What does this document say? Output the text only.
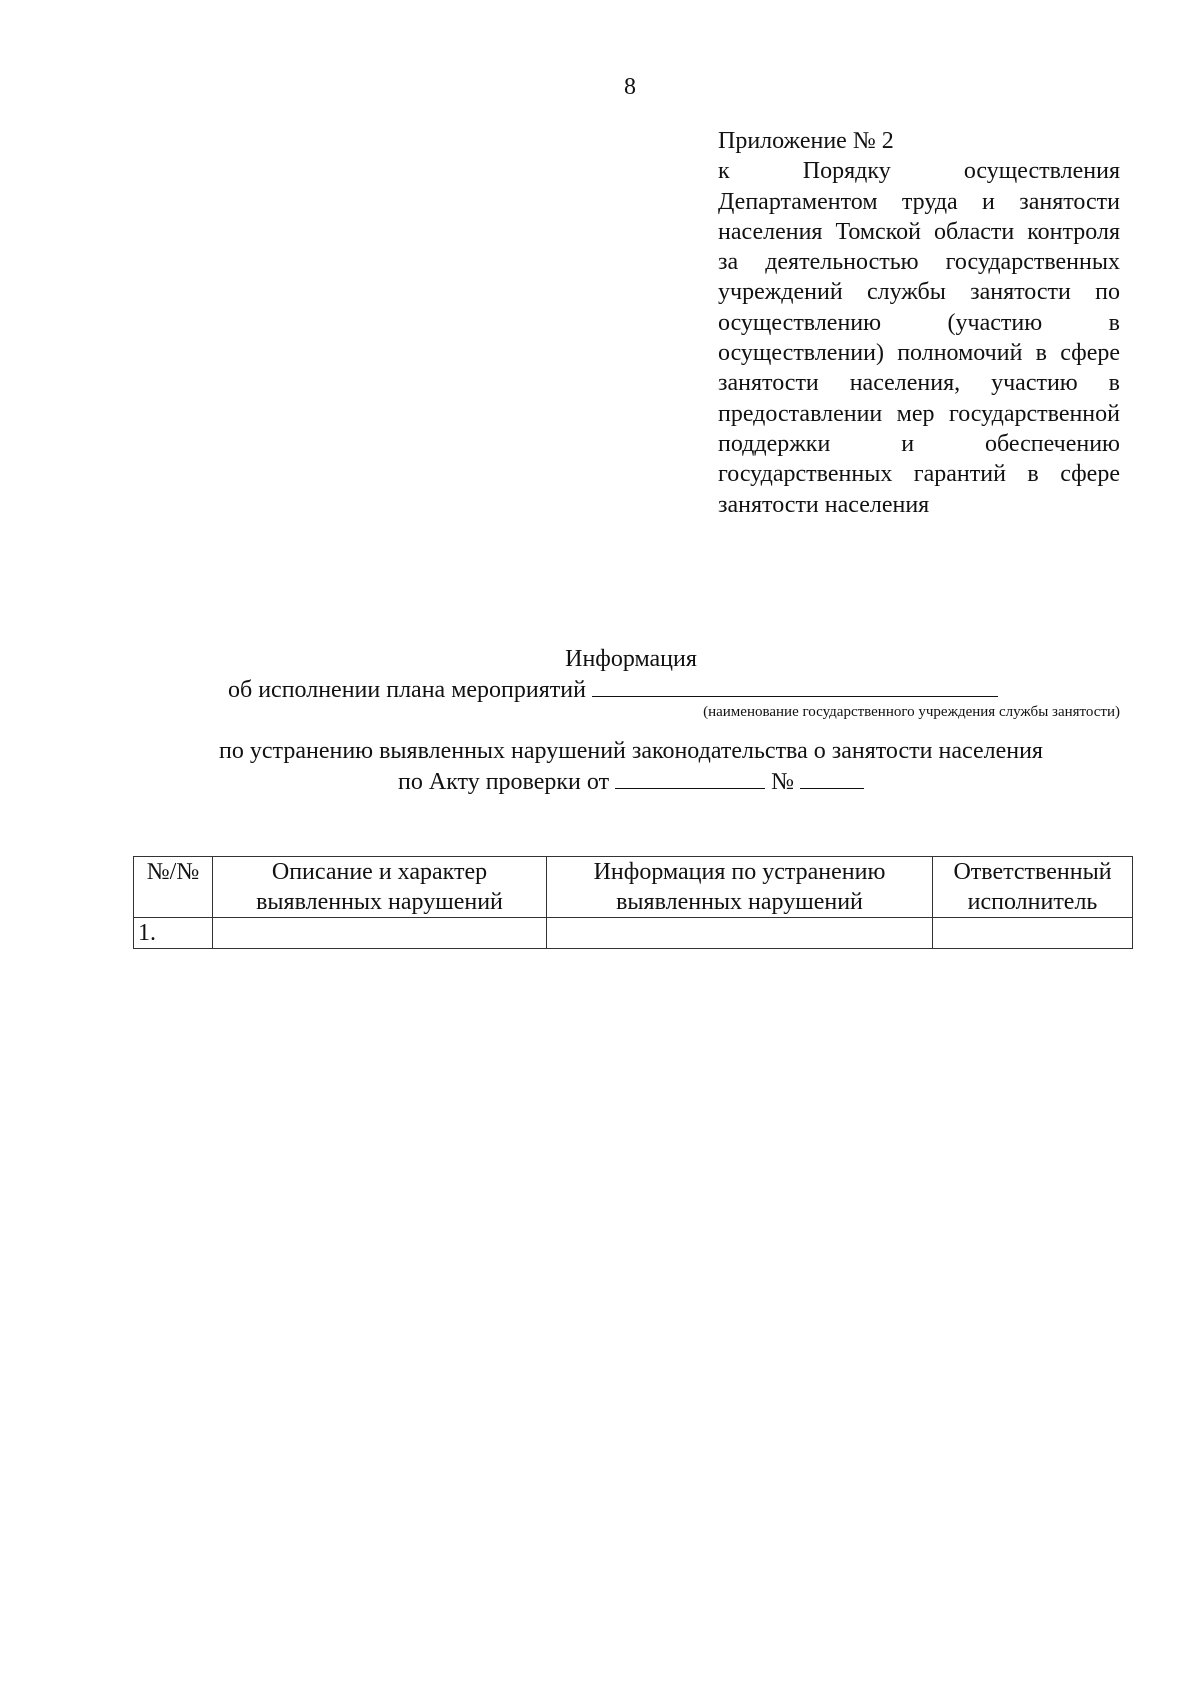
8
Приложение № 2
к Порядку осуществления Департаментом труда и занятости населения Томской области контроля за деятельностью государственных учреждений службы занятости по осуществлению (участию в осуществлении) полномочий в сфере занятости населения, участию в предоставлении мер государственной поддержки и обеспечению государственных гарантий в сфере занятости населения
Информация
об исполнении плана мероприятий
(наименование государственного учреждения службы занятости)
по устранению выявленных нарушений законодательства о занятости населения
по Акту проверки от	№
№/№	Описание и характер выявленных нарушений	Информация по устранению выявленных нарушений	Ответственный исполнитель
1.			
